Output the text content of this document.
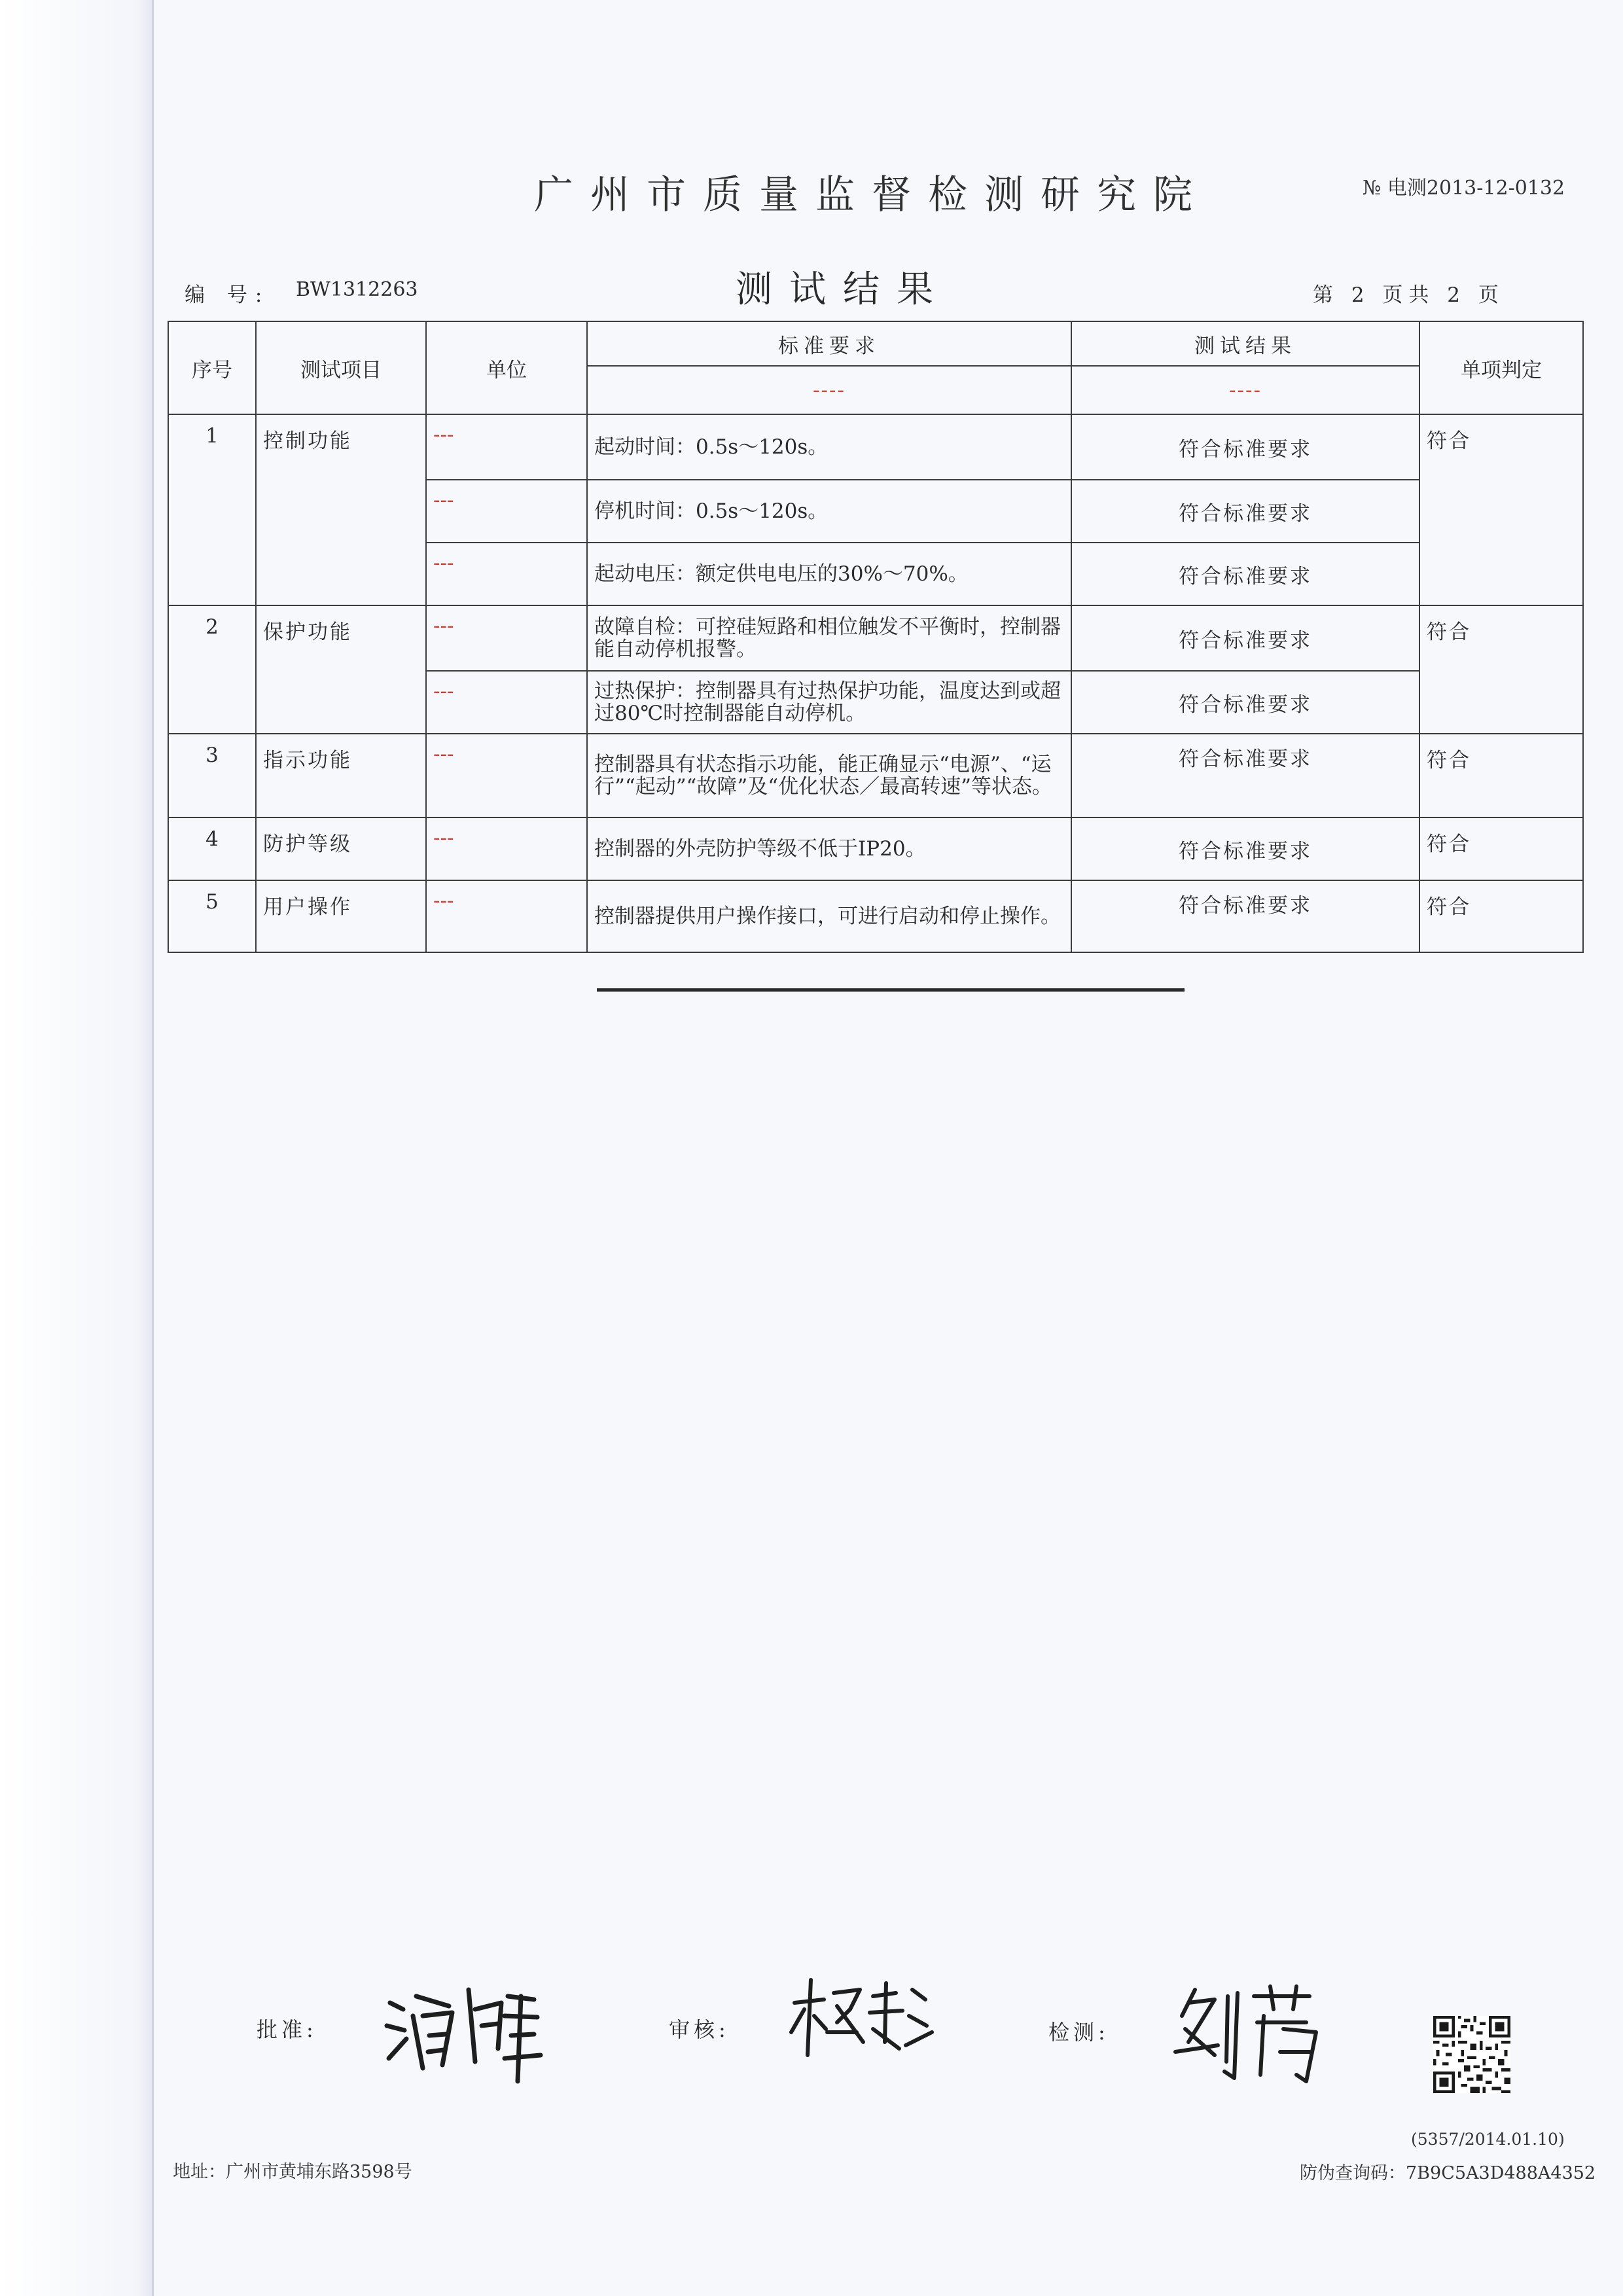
广州市质量监督检测研究院	№ 电测2013-12-0132
编 号: BW1312263	测试结果	第 2 页共 2 页
序号	测试项目	单位	标准要求	测试结果	单项判定
			----	----	
1	控制功能	---	起动时间：0.5s～120s。	符合标准要求	符合
		---	停机时间：0.5s～120s。	符合标准要求	
		---	起动电压：额定供电电压的30%～70%。	符合标准要求	
2	保护功能	---	故障自检：可控硅短路和相位触发不平衡时，控制器能自动停机报警。	符合标准要求	符合
		---	过热保护：控制器具有过热保护功能，温度达到或超过80℃时控制器能自动停机。	符合标准要求	
3	指示功能	---	控制器具有状态指示功能，能正确显示“电源”、“运行”“起动”“故障”及“优化状态／最高转速”等状态。	符合标准要求	符合
4	防护等级	---	控制器的外壳防护等级不低于IP20。	符合标准要求	符合
5	用户操作	---	控制器提供用户操作接口，可进行启动和停止操作。	符合标准要求	符合
批准:	审核:	检测:
(5357/2014.01.10)
地址：广州市黄埔东路3598号	防伪查询码：7B9C5A3D488A4352
